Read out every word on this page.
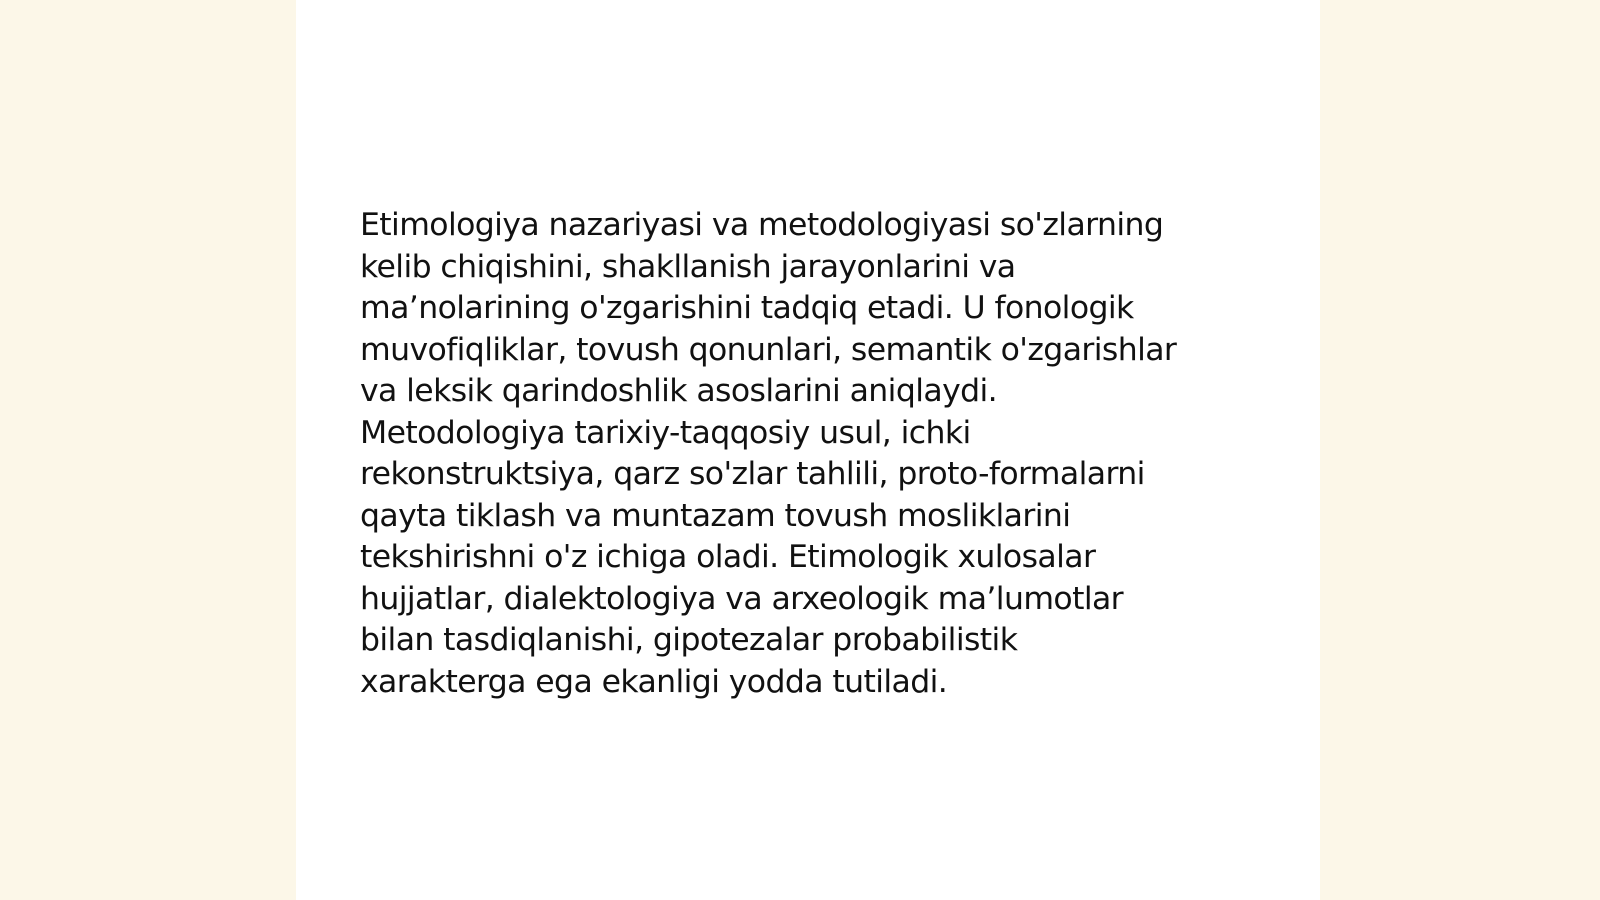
Etimologiya nazariyasi va metodologiyasi so'zlarning
kelib chiqishini, shakllanish jarayonlarini va
ma’nolarining o'zgarishini tadqiq etadi. U fonologik
muvofiqliklar, tovush qonunlari, semantik o'zgarishlar
va leksik qarindoshlik asoslarini aniqlaydi.
Metodologiya tarixiy-taqqosiy usul, ichki
rekonstruktsiya, qarz so'zlar tahlili, proto-formalarni
qayta tiklash va muntazam tovush mosliklarini
tekshirishni o'z ichiga oladi. Etimologik xulosalar
hujjatlar, dialektologiya va arxeologik ma’lumotlar
bilan tasdiqlanishi, gipotezalar probabilistik
xarakterga ega ekanligi yodda tutiladi.
